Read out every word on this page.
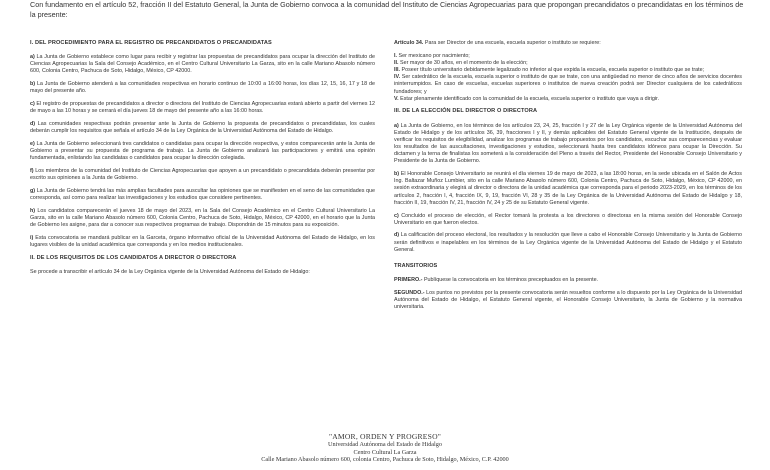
Con fundamento en el artículo 52, fracción II del Estatuto General, la Junta de Gobierno convoca a la comunidad del Instituto de Ciencias Agropecuarias para que propongan precandidatos o precandidatas en los términos de la presente:
I. DEL PROCEDIMIENTO PARA EL REGISTRO DE PRECANDIDATOS O PRECANDIDATAS

a) La Junta de Gobierno establece como lugar para recibir y registrar las propuestas de precandidatos para ocupar la dirección del Instituto de Ciencias Agropecuarias la Sala del Consejo Académico, en el Centro Cultural Universitario La Garza, sito en la calle Mariano Abasolo número 600, Colonia Centro, Pachuca de Soto, Hidalgo, México, CP 42000.

b) La Junta de Gobierno atenderá a las comunidades respectivas en horario continuo de 10:00 a 16:00 horas, los días 12, 15, 16, 17 y 18 de mayo del presente año.

c) El registro de propuestas de precandidatos a director o directora del Instituto de Ciencias Agropecuarias estará abierto a partir del viernes 12 de mayo a las 10 horas y se cerrará el día jueves 18 de mayo del presente año a las 16:00 horas.

d) Las comunidades respectivas podrán presentar ante la Junta de Gobierno la propuesta de precandidatos o precandidatas, los cuales deberán cumplir los requisitos que señala el artículo 34 de la Ley Orgánica de la Universidad Autónoma del Estado de Hidalgo.

e) La Junta de Gobierno seleccionará tres candidatos o candidatas para ocupar la dirección respectiva, y estos comparecerán ante la Junta de Gobierno a presentar su propuesta de programa de trabajo. La Junta de Gobierno analizará las participaciones y emitirá una opinión fundamentada, enlistando las candidatas o candidatos para ocupar la dirección colegiada.

f) Los miembros de la comunidad del Instituto de Ciencias Agropecuarias que apoyen a un precandidato o precandidata deberán presentar por escrito sus opiniones a la Junta de Gobierno.

g) La Junta de Gobierno tendrá las más amplias facultades para auscultar las opiniones que se manifiesten en el seno de las comunidades que corresponda, así como para realizar las investigaciones y los estudios que considere pertinentes.

h) Los candidatos comparecerán el jueves 18 de mayo del 2023, en la Sala del Consejo Académico en el Centro Cultural Universitario La Garza, sito en la calle Mariano Abasolo número 600, Colonia Centro, Pachuca de Soto, Hidalgo, México, CP 42000, en el horario que la Junta de Gobierno les asigne, para dar a conocer sus respectivos programas de trabajo. Dispondrán de 15 minutos para su exposición.

i) Esta convocatoria se mandará publicar en la Garceta, órgano informativo oficial de la Universidad Autónoma del Estado de Hidalgo, en los lugares visibles de la unidad académica que corresponda y en los medios institucionales.

II. DE LOS REQUISITOS DE LOS CANDIDATOS A DIRECTOR O DIRECTORA

Se procede a transcribir el artículo 34 de la Ley Orgánica vigente de la Universidad Autónoma del Estado de Hidalgo:

Artículo 34. Para ser Director de una escuela, escuela superior o instituto se requiere:

I. Ser mexicano por nacimiento;
II. Ser mayor de 30 años, en el momento de la elección;
III. Poseer título universitario debidamente legalizado no inferior al que expida la escuela, escuela superior o instituto que se trate;
IV. Ser catedrático de la escuela, escuela superior o instituto de que se trate, con una antigüedad no menor de cinco años de servicios docentes ininterrumpidos. En caso de escuelas, escuelas superiores o institutos de nueva creación podrá ser Director cualquiera de los catedráticos fundadores; y
V. Estar plenamente identificado con la comunidad de la escuela, escuela superior o instituto que vaya a dirigir.
III. DE LA ELECCIÓN DEL DIRECTOR O DIRECTORA

a) La Junta de Gobierno, en los términos de los artículos 23, 24, 25, fracción I y 27 de la Ley Orgánica vigente de la Universidad Autónoma del Estado de Hidalgo y de los artículos 36, 39, fracciones I y II, y demás aplicables del Estatuto General vigente de la Institución, después de verificar los requisitos de elegibilidad, analizar los programas de trabajo propuestos por los candidatos, escuchar sus comparecencias y evaluar los resultados de las auscultaciones, investigaciones y estudios, seleccionará hasta tres candidatos idóneos para ocupar la Dirección. Su dictamen y la terna de finalistas los someterá a la consideración del Pleno a través del Rector, Presidente del Honorable Consejo Universitario y Presidente de la Junta de Gobierno.

b) El Honorable Consejo Universitario se reunirá el día viernes 19 de mayo de 2023, a las 18:00 horas, en la sede ubicada en el Salón de Actos Ing. Baltazar Muñoz Lumbier, sito en la calle Mariano Abasolo número 600, Colonia Centro, Pachuca de Soto, Hidalgo, México, CP 42000, en sesión extraordinaria y elegirá al director o directora de la unidad académica que corresponda para el periodo 2023-2029, en los términos de los artículos 2, fracción I, 4, fracción IX, 9, 19, fracción VI, 28 y 35 de la Ley Orgánica de la Universidad Autónoma del Estado de Hidalgo y 18, fracción II, 19, fracción IV, 21, fracción IV, 24 y 25 de su Estatuto General vigente.

c) Concluido el proceso de elección, el Rector tomará la protesta a los directores o directoras en la misma sesión del Honorable Consejo Universitario en que fueron electos.

d) La calificación del proceso electoral, los resultados y la resolución que lleve a cabo el Honorable Consejo Universitario y la Junta de Gobierno serán definitivos e inapelables en los términos de la Ley Orgánica vigente de la Universidad Autónoma del Estado de Hidalgo y el Estatuto General.

TRANSITORIOS

PRIMERO.- Publíquese la convocatoria en los términos preceptuados en la presente.

SEGUNDO.- Los puntos no previstos por la presente convocatoria serán resueltos conforme a lo dispuesto por la Ley Orgánica de la Universidad Autónoma del Estado de Hidalgo, el Estatuto General vigente, el Honorable Consejo Universitario, la Junta de Gobierno y la normativa universitaria.

"AMOR, ORDEN Y PROGRESO"
Universidad Autónoma del Estado de Hidalgo
Centro Cultural La Garza
Calle Mariano Abasolo número 600, colonia Centro, Pachuca de Soto, Hidalgo, México, C.P. 42000
